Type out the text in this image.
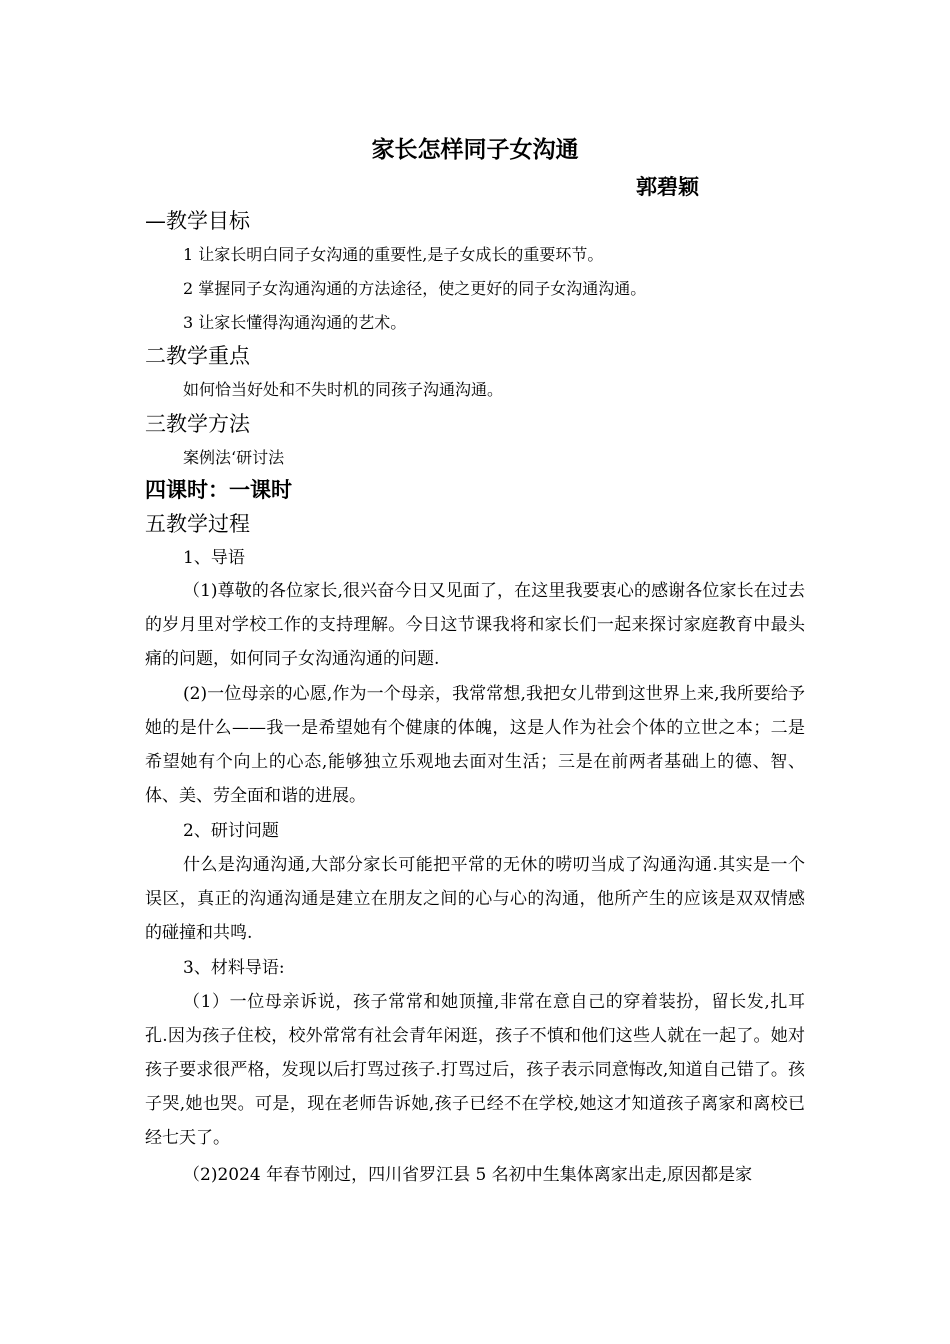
家长怎样同子女沟通
郭碧颖
—教学目标
1 让家长明白同子女沟通的重要性,是子女成长的重要环节。
2 掌握同子女沟通沟通的方法途径，使之更好的同子女沟通沟通。
3 让家长懂得沟通沟通的艺术。
二教学重点
如何恰当好处和不失时机的同孩子沟通沟通。
三教学方法
案例法‘研讨法
四课时：一课时
五教学过程
1、导语

（1)尊敬的各位家长,很兴奋今日又见面了，在这里我要衷心的感谢各位家长在过去的岁月里对学校工作的支持理解。今日这节课我将和家长们一起来探讨家庭教育中最头痛的问题，如何同子女沟通沟通的问题.

(2)一位母亲的心愿,作为一个母亲，我常常想,我把女儿带到这世界上来,我所要给予她的是什么——我一是希望她有个健康的体魄，这是人作为社会个体的立世之本；二是希望她有个向上的心态,能够独立乐观地去面对生活；三是在前两者基础上的德、智、体、美、劳全面和谐的进展。

2、研讨问题

什么是沟通沟通,大部分家长可能把平常的无休的唠叨当成了沟通沟通.其实是一个误区，真正的沟通沟通是建立在朋友之间的心与心的沟通，他所产生的应该是双双情感的碰撞和共鸣.

3、材料导语:

（1）一位母亲诉说，孩子常常和她顶撞,非常在意自己的穿着装扮，留长发,扎耳孔.因为孩子住校，校外常常有社会青年闲逛，孩子不慎和他们这些人就在一起了。她对孩子要求很严格，发现以后打骂过孩子.打骂过后，孩子表示同意悔改,知道自己错了。孩子哭,她也哭。可是，现在老师告诉她,孩子已经不在学校,她这才知道孩子离家和离校已经七天了。

（2)2024 年春节刚过，四川省罗江县 5 名初中生集体离家出走,原因都是家
